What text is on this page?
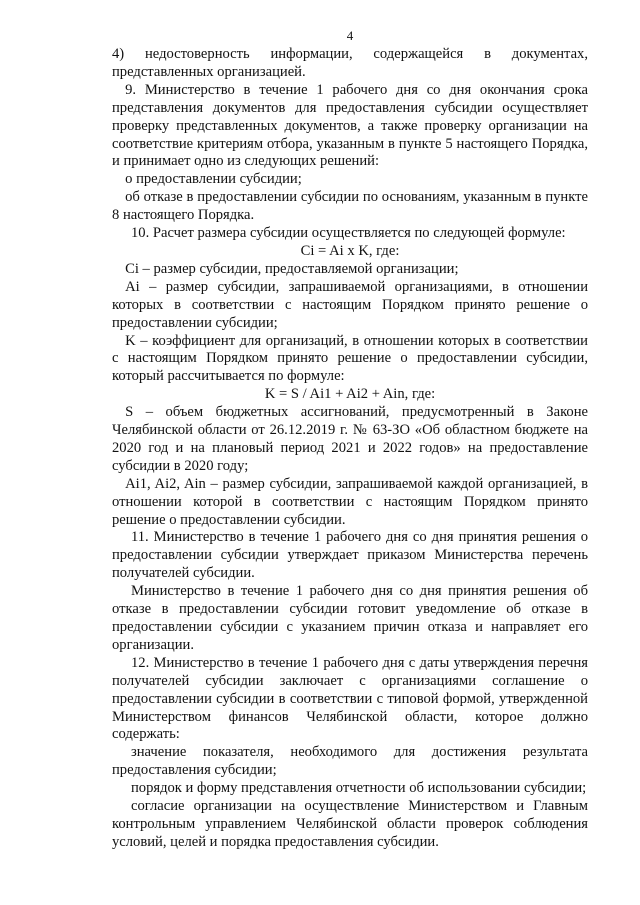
4

4)    недостоверность    информации,    содержащейся    в    документах, представленных организацией.

9. Министерство в течение 1 рабочего дня со дня окончания срока представления документов для предоставления субсидии осуществляет проверку представленных документов, а также проверку организации на соответствие критериям отбора, указанным в пункте 5 настоящего Порядка, и принимает одно из следующих решений:

о предоставлении субсидии;

об отказе в предоставлении субсидии по основаниям, указанным в пункте 8 настоящего Порядка.

10. Расчет размера субсидии осуществляется по следующей формуле:

Ci = Ai x K, где:

Ci – размер субсидии, предоставляемой организации;

Ai – размер субсидии, запрашиваемой организациями, в отношении которых в соответствии с настоящим Порядком принято решение о предоставлении субсидии;

K – коэффициент для организаций, в отношении которых в соответствии с настоящим Порядком принято решение о предоставлении субсидии, который рассчитывается по формуле:

K = S / Ai1 + Ai2 + Ain, где:

S – объем бюджетных ассигнований, предусмотренный в Законе Челябинской области от 26.12.2019 г. № 63-ЗО «Об областном бюджете на 2020 год и на плановый период 2021 и 2022 годов» на предоставление субсидии в 2020 году;

Ai1, Ai2, Ain – размер субсидии, запрашиваемой каждой организацией, в отношении которой в соответствии с настоящим Порядком принято решение о предоставлении субсидии.

11. Министерство в течение 1 рабочего дня со дня принятия решения о предоставлении субсидии утверждает приказом Министерства перечень получателей субсидии.

Министерство в течение 1 рабочего дня со дня принятия решения об отказе в предоставлении субсидии готовит уведомление об отказе в предоставлении субсидии с указанием причин отказа и направляет его организации.

12. Министерство в течение 1 рабочего дня с даты утверждения перечня получателей субсидии заключает с организациями соглашение о предоставлении субсидии в соответствии с типовой формой, утвержденной Министерством финансов Челябинской области, которое должно содержать:

значение показателя, необходимого для достижения результата предоставления субсидии;

порядок и форму представления отчетности об использовании субсидии;

согласие организации на осуществление Министерством и Главным контрольным управлением Челябинской области проверок соблюдения условий, целей и порядка предоставления субсидии.
